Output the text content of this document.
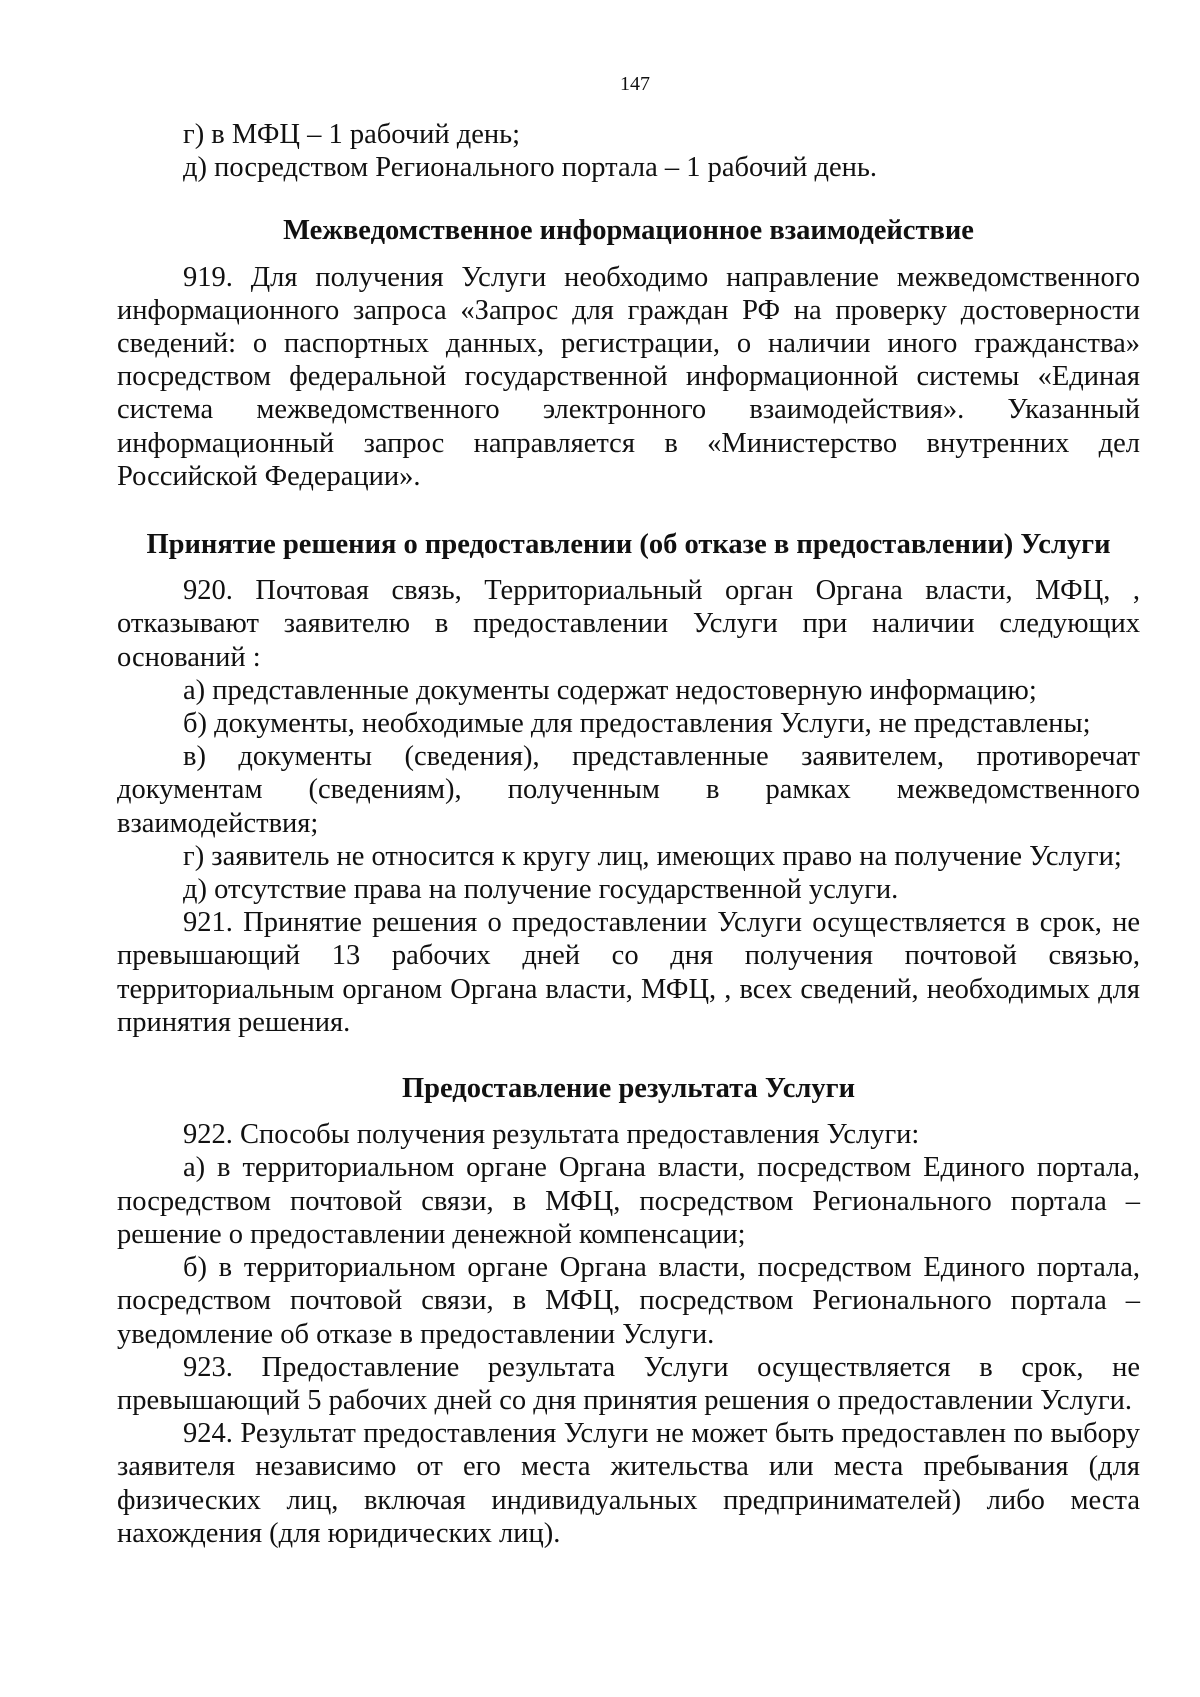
147

г) в МФЦ – 1 рабочий день;

д) посредством Регионального портала – 1 рабочий день.

Межведомственное информационное взаимодействие

919. Для получения Услуги необходимо направление межведомственного информационного запроса «Запрос для граждан РФ на проверку достоверности сведений: о паспортных данных, регистрации, о наличии иного гражданства» посредством федеральной государственной информационной системы «Единая система межведомственного электронного взаимодействия». Указанный информационный запрос направляется в «Министерство внутренних дел Российской Федерации».

Принятие решения о предоставлении (об отказе в предоставлении) Услуги

920. Почтовая связь, Территориальный орган Органа власти, МФЦ, , отказывают заявителю в предоставлении Услуги при наличии следующих оснований :

а) представленные документы содержат недостоверную информацию;

б) документы, необходимые для предоставления Услуги, не представлены;

в) документы (сведения), представленные заявителем, противоречат документам (сведениям), полученным в рамках межведомственного взаимодействия;

г) заявитель не относится к кругу лиц, имеющих право на получение Услуги;

д) отсутствие права на получение государственной услуги.

921. Принятие решения о предоставлении Услуги осуществляется в срок, не превышающий 13 рабочих дней со дня получения почтовой связью, территориальным органом Органа власти, МФЦ, , всех сведений, необходимых для принятия решения.

Предоставление результата Услуги

922. Способы получения результата предоставления Услуги:

а) в территориальном органе Органа власти, посредством Единого портала, посредством почтовой связи, в МФЦ, посредством Регионального портала – решение о предоставлении денежной компенсации;

б) в территориальном органе Органа власти, посредством Единого портала, посредством почтовой связи, в МФЦ, посредством Регионального портала – уведомление об отказе в предоставлении Услуги.

923. Предоставление результата Услуги осуществляется в срок, не превышающий 5 рабочих дней со дня принятия решения о предоставлении Услуги.

924. Результат предоставления Услуги не может быть предоставлен по выбору заявителя независимо от его места жительства или места пребывания (для физических лиц, включая индивидуальных предпринимателей) либо места нахождения (для юридических лиц).
